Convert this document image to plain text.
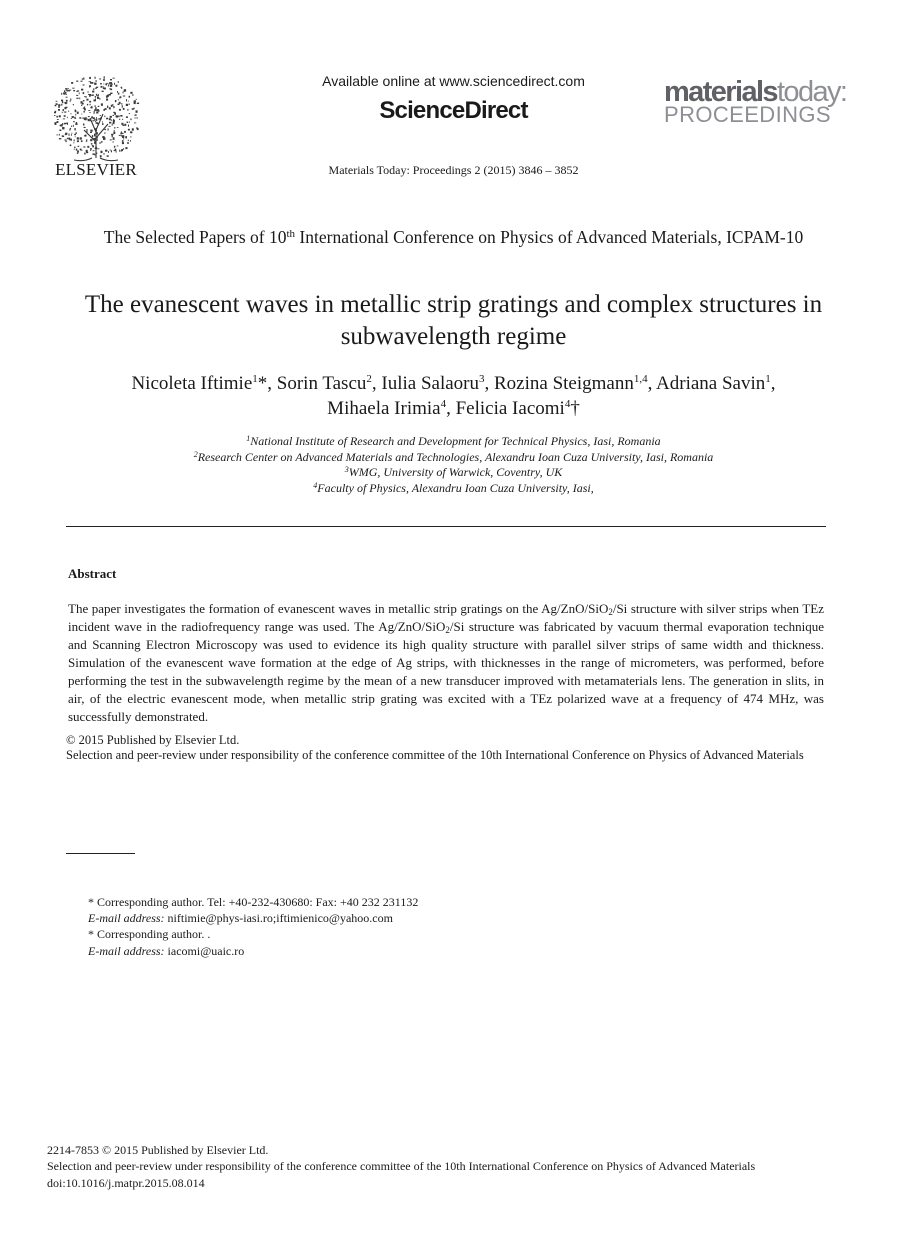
ELSEVIER
Available online at www.sciencedirect.com
ScienceDirect
Materials Today: Proceedings 2 (2015) 3846 – 3852
materialstoday:
PROCEEDINGS
The Selected Papers of 10th International Conference on Physics of Advanced Materials, ICPAM-10
The evanescent waves in metallic strip gratings and complex structures in subwavelength regime
Nicoleta Iftimie$^1$*, Sorin Tascu$^2$, Iulia Salaoru$^3$, Rozina Steigmann$^{1,4}$, Adriana Savin$^1$,
Mihaela Irimia$^4$, Felicia Iacomi$^4$†
$^1$National Institute of Research and Development for Technical Physics, Iasi, Romania
$^2$Research Center on Advanced Materials and Technologies, Alexandru Ioan Cuza University, Iasi, Romania
$^3$WMG, University of Warwick, Coventry, UK
$^4$Faculty of Physics, Alexandru Ioan Cuza University, Iasi,
Abstract
The paper investigates the formation of evanescent waves in metallic strip gratings on the Ag/ZnO/SiO$_2$/Si structure with silver strips when TEz incident wave in the radiofrequency range was used. The Ag/ZnO/SiO$_2$/Si structure was fabricated by vacuum thermal evaporation technique and Scanning Electron Microscopy was used to evidence its high quality structure with parallel silver strips of same width and thickness. Simulation of the evanescent wave formation at the edge of Ag strips, with thicknesses in the range of micrometers, was performed, before performing the test in the subwavelength regime by the mean of a new transducer improved with metamaterials lens. The generation in slits, in air, of the electric evanescent mode, when metallic strip grating was excited with a TEz polarized wave at a frequency of 474 MHz, was successfully demonstrated.
© 2015 Published by Elsevier Ltd.
Selection and peer-review under responsibility of the conference committee of the 10th International Conference on Physics of Advanced Materials
* Corresponding author. Tel: +40-232-430680: Fax: +40 232 231132
E-mail address: niftimie@phys-iasi.ro;iftimienico@yahoo.com
* Corresponding author. .
E-mail address: iacomi@uaic.ro
2214-7853 © 2015 Published by Elsevier Ltd.
Selection and peer-review under responsibility of the conference committee of the 10th International Conference on Physics of Advanced Materials
doi:10.1016/j.matpr.2015.08.014
